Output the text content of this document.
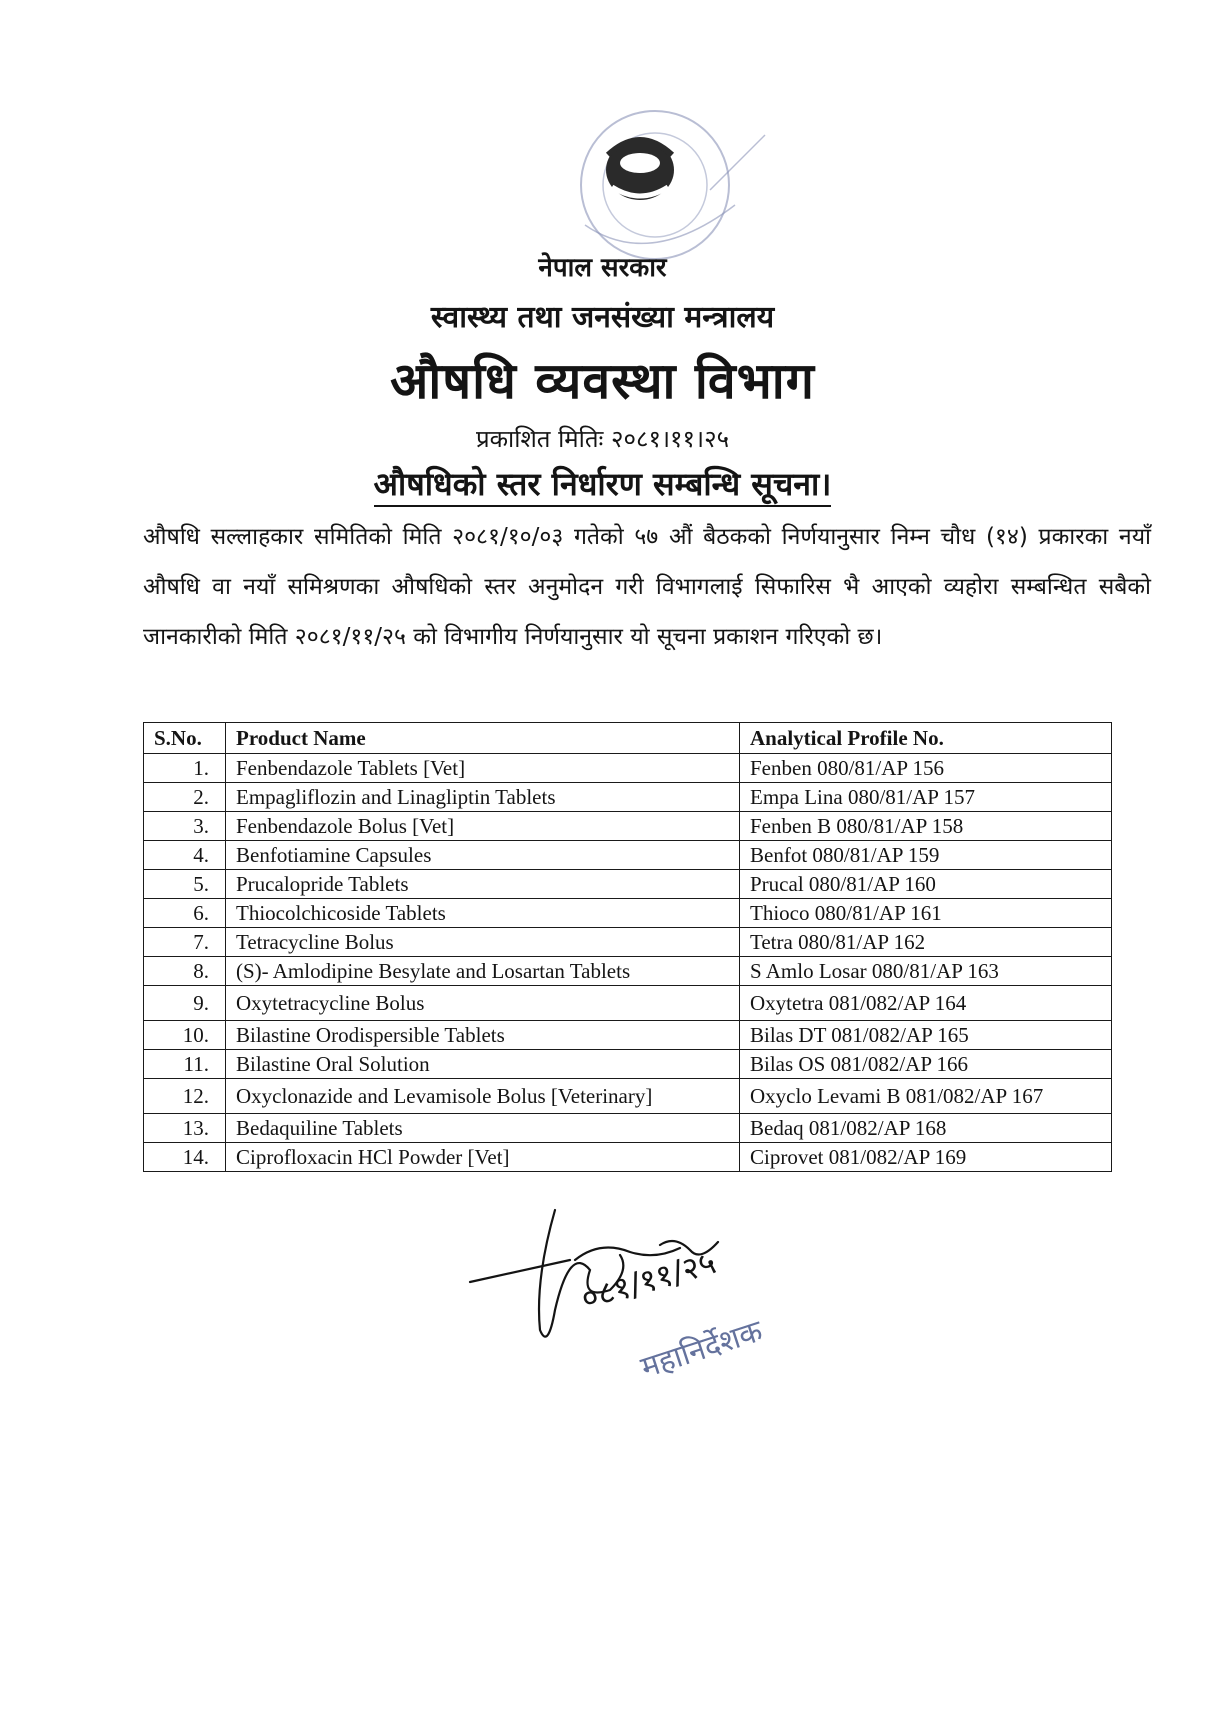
नेपाल सरकार
स्वास्थ्य तथा जनसंख्या मन्त्रालय
औषधि व्यवस्था विभाग
प्रकाशित मितिः २०८१।११।२५
औषधिको स्तर निर्धारण सम्बन्धि सूचना।

औषधि सल्लाहकार समितिको मिति २०८१/१०/०३ गतेको ५७ औं बैठकको निर्णयानुसार निम्न चौध (१४) प्रकारका नयाँ औषधि वा नयाँ समिश्रणका औषधिको स्तर अनुमोदन गरी विभागलाई सिफारिस भै आएको व्यहोरा सम्बन्धित सबैको जानकारीको मिति २०८१/११/२५ को विभागीय निर्णयानुसार यो सूचना प्रकाशन गरिएको छ।

S.No.	Product Name	Analytical Profile No.
1.	Fenbendazole Tablets [Vet]	Fenben 080/81/AP 156
2.	Empagliflozin and Linagliptin Tablets	Empa Lina 080/81/AP 157
3.	Fenbendazole Bolus [Vet]	Fenben B 080/81/AP 158
4.	Benfotiamine Capsules	Benfot 080/81/AP 159
5.	Prucalopride Tablets	Prucal 080/81/AP 160
6.	Thiocolchicoside Tablets	Thioco 080/81/AP 161
7.	Tetracycline Bolus	Tetra 080/81/AP 162
8.	(S)- Amlodipine Besylate and Losartan Tablets	S Amlo Losar 080/81/AP 163
9.	Oxytetracycline Bolus	Oxytetra 081/082/AP 164
10.	Bilastine Orodispersible Tablets	Bilas DT 081/082/AP 165
11.	Bilastine Oral Solution	Bilas OS 081/082/AP 166
12.	Oxyclonazide and Levamisole Bolus [Veterinary]	Oxyclo Levami B 081/082/AP 167
13.	Bedaquiline Tablets	Bedaq 081/082/AP 168
14.	Ciprofloxacin HCl Powder [Vet]	Ciprovet 081/082/AP 169
०८१/११/२५
महानिर्देशक
